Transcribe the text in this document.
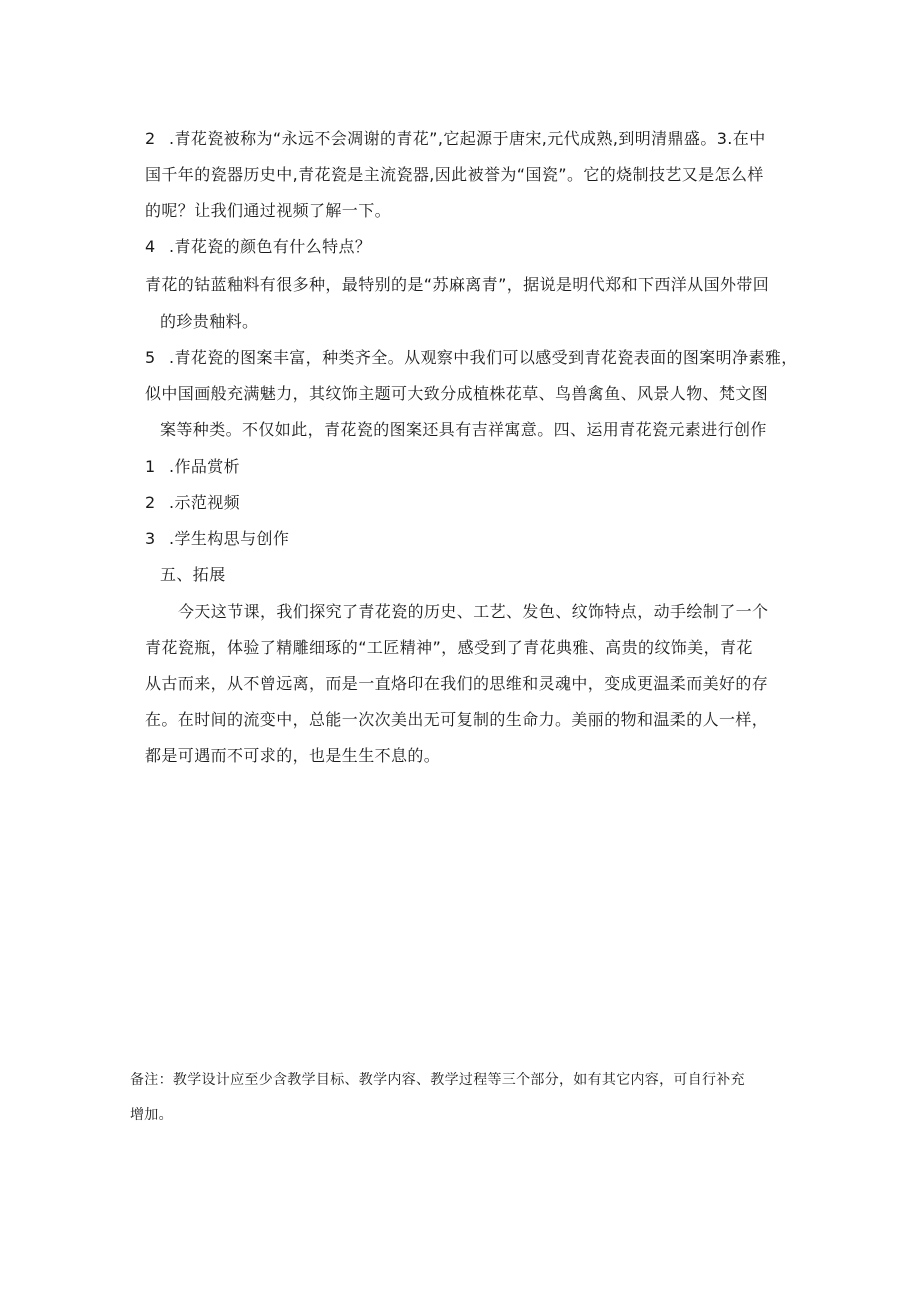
2 .青花瓷被称为“永远不会凋谢的青花”,它起源于唐宋,元代成熟,到明清鼎盛。3.在中
国千年的瓷器历史中,青花瓷是主流瓷器,因此被誉为“国瓷”。它的烧制技艺又是怎么样
的呢？让我们通过视频了解一下。
4 .青花瓷的颜色有什么特点？
青花的钴蓝釉料有很多种，最特别的是“苏麻离青”，据说是明代郑和下西洋从国外带回
的珍贵釉料。
5 .青花瓷的图案丰富，种类齐全。从观察中我们可以感受到青花瓷表面的图案明净素雅，
似中国画般充满魅力，其纹饰主题可大致分成植株花草、鸟兽禽鱼、风景人物、梵文图
案等种类。不仅如此，青花瓷的图案还具有吉祥寓意。四、运用青花瓷元素进行创作
1 .作品赏析
2 .示范视频
3 .学生构思与创作
五、拓展
今天这节课，我们探究了青花瓷的历史、工艺、发色、纹饰特点，动手绘制了一个
青花瓷瓶，体验了精雕细琢的“工匠精神”，感受到了青花典雅、高贵的纹饰美，青花
从古而来，从不曾远离，而是一直烙印在我们的思维和灵魂中，变成更温柔而美好的存
在。在时间的流变中，总能一次次美出无可复制的生命力。美丽的物和温柔的人一样，
都是可遇而不可求的，也是生生不息的。
备注：教学设计应至少含教学目标、教学内容、教学过程等三个部分，如有其它内容，可自行补充
增加。
